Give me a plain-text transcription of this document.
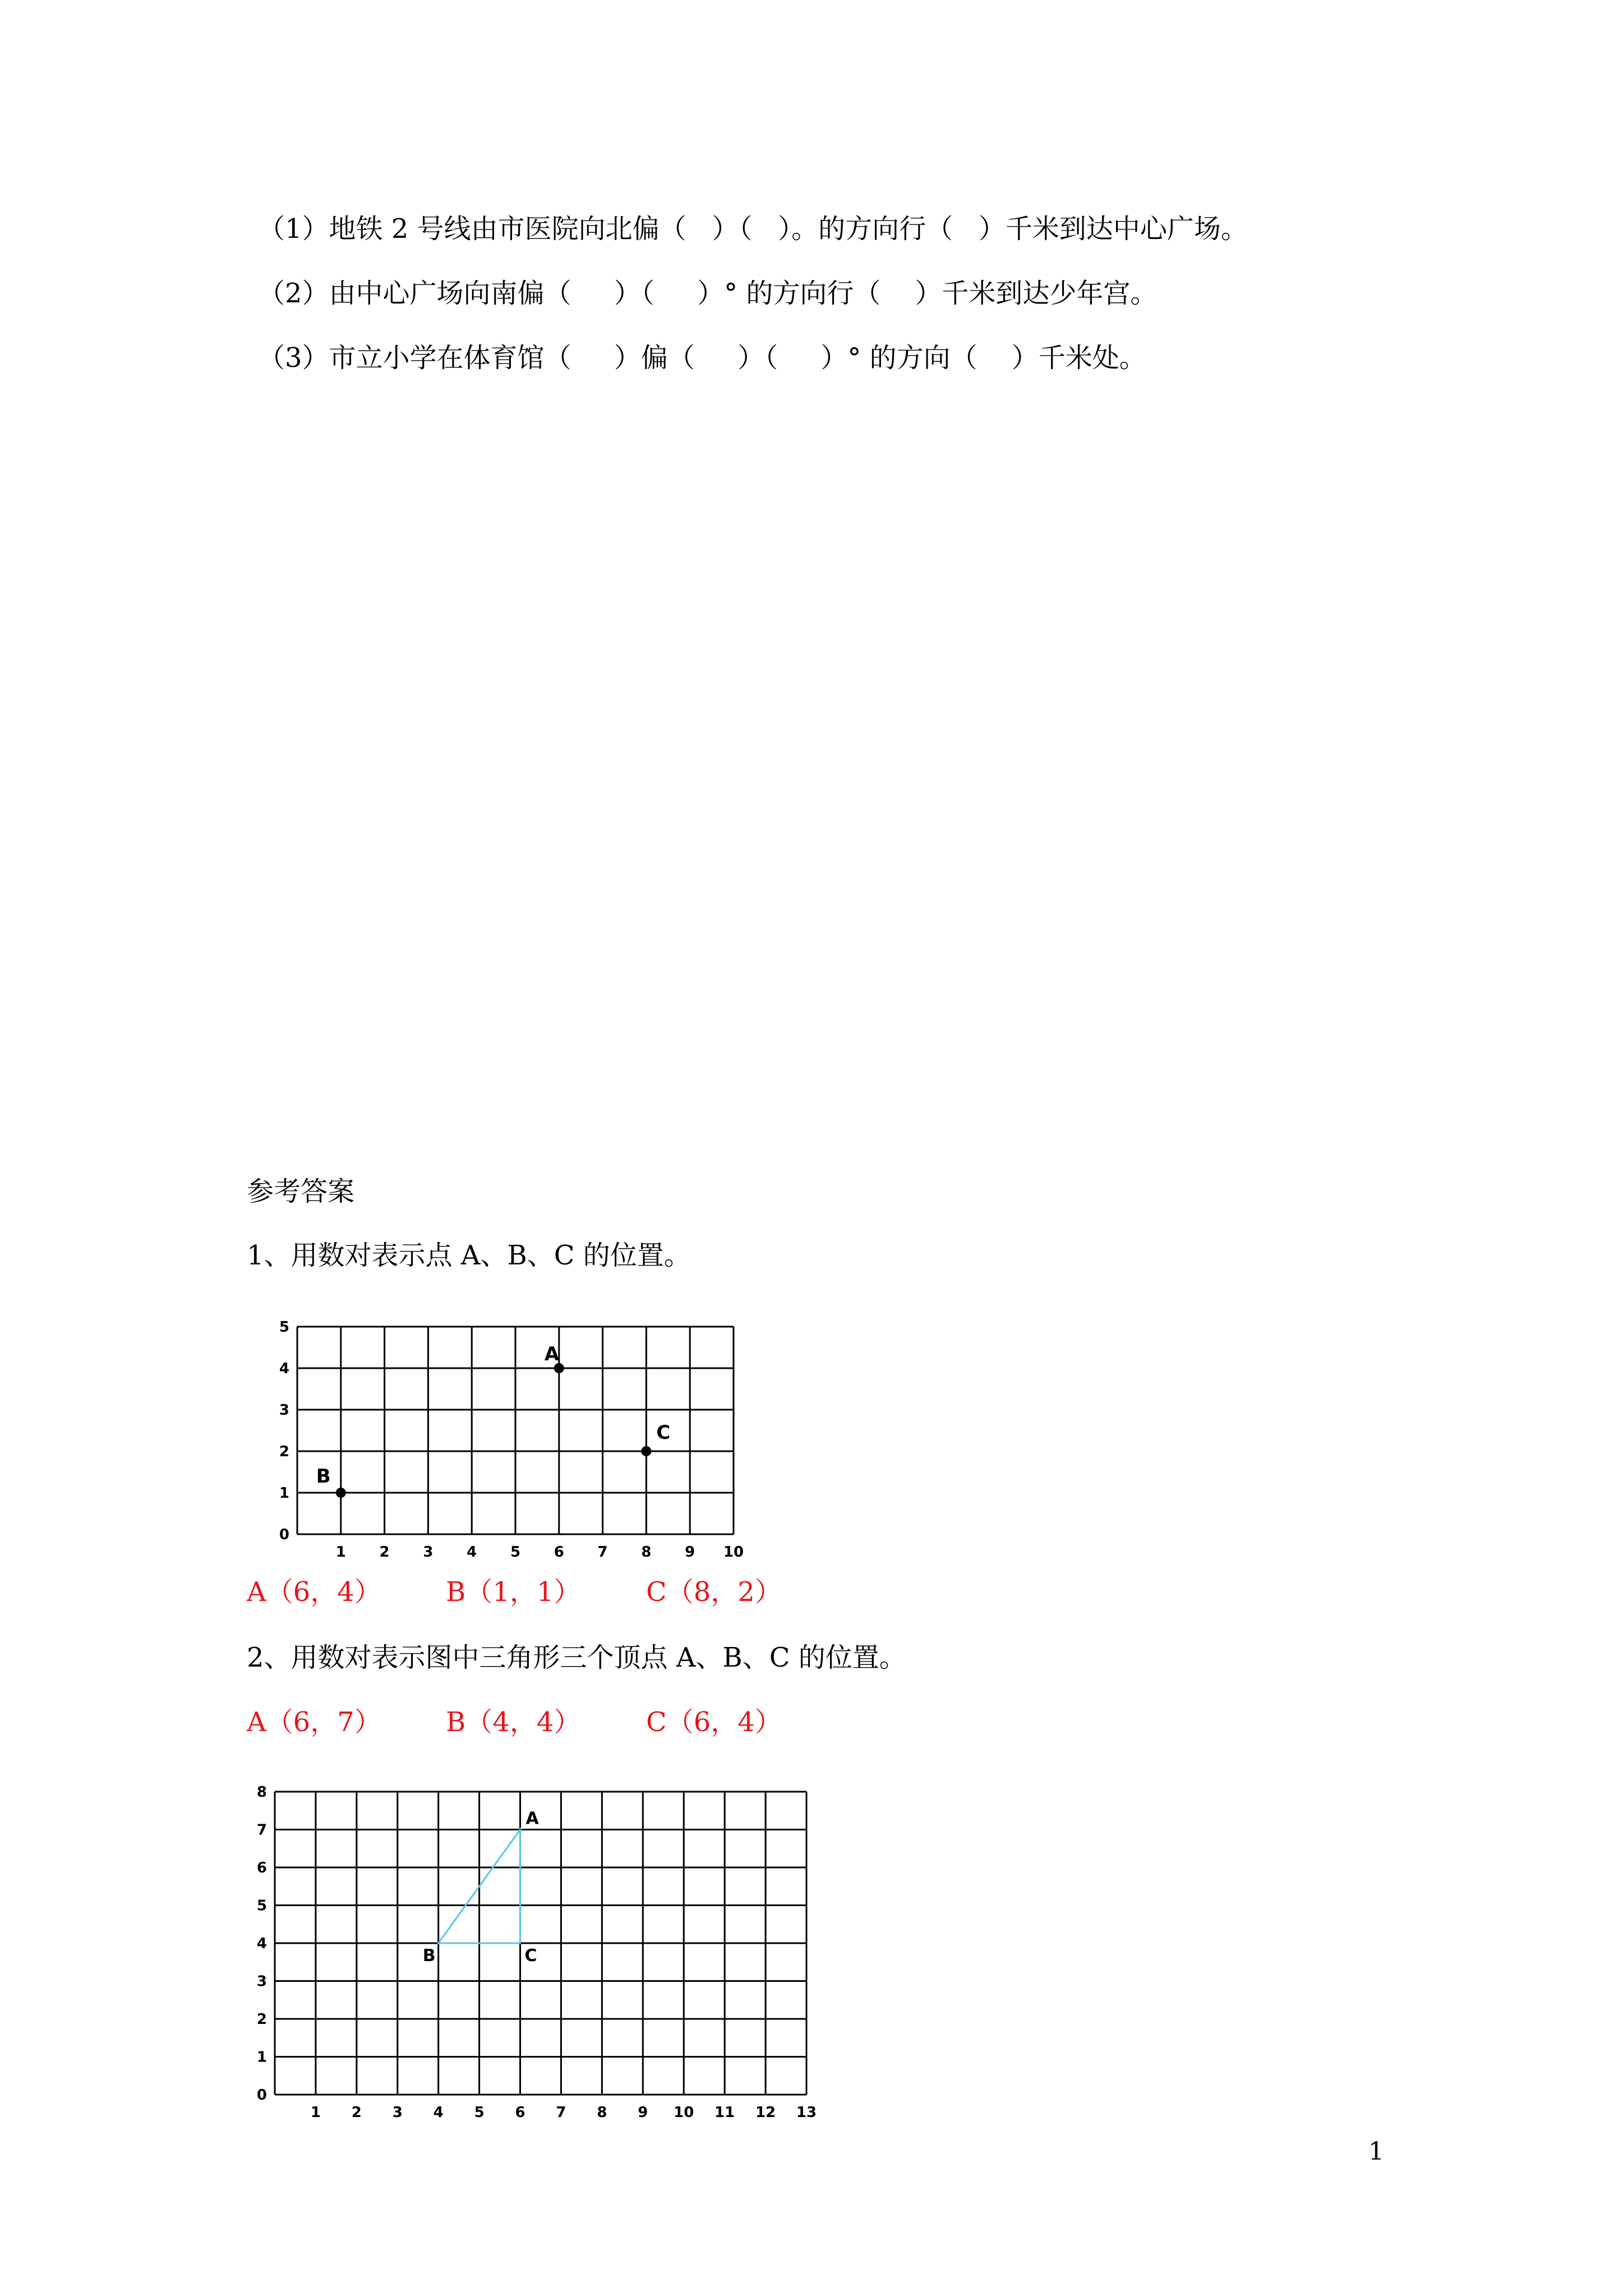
（1）地铁 2 号线由市医院向北偏（   ）（   ）。的方向行（   ）千米到达中心广场。
（2）由中心广场向南偏（     ）（     ）° 的方向行（    ）千米到达少年宫。
（3）市立小学在体育馆（     ）偏（     ）（     ）° 的方向（    ）千米处。
参考答案
1、用数对表示点 A、B、C 的位置。
1 2 3 4 5 6 7 8 9 10
0
1
2
3
4
5
A
B
C
A（6，4） B（1，1） C（8，2）
2、用数对表示图中三角形三个顶点 A、B、C 的位置。
A（6，7） B（4，4） C（6，4）
1 2 3 4 5 6 7 8 9 10 11 12 13
0
1
2
3
4
5
6
7
8
A
B	C
1
